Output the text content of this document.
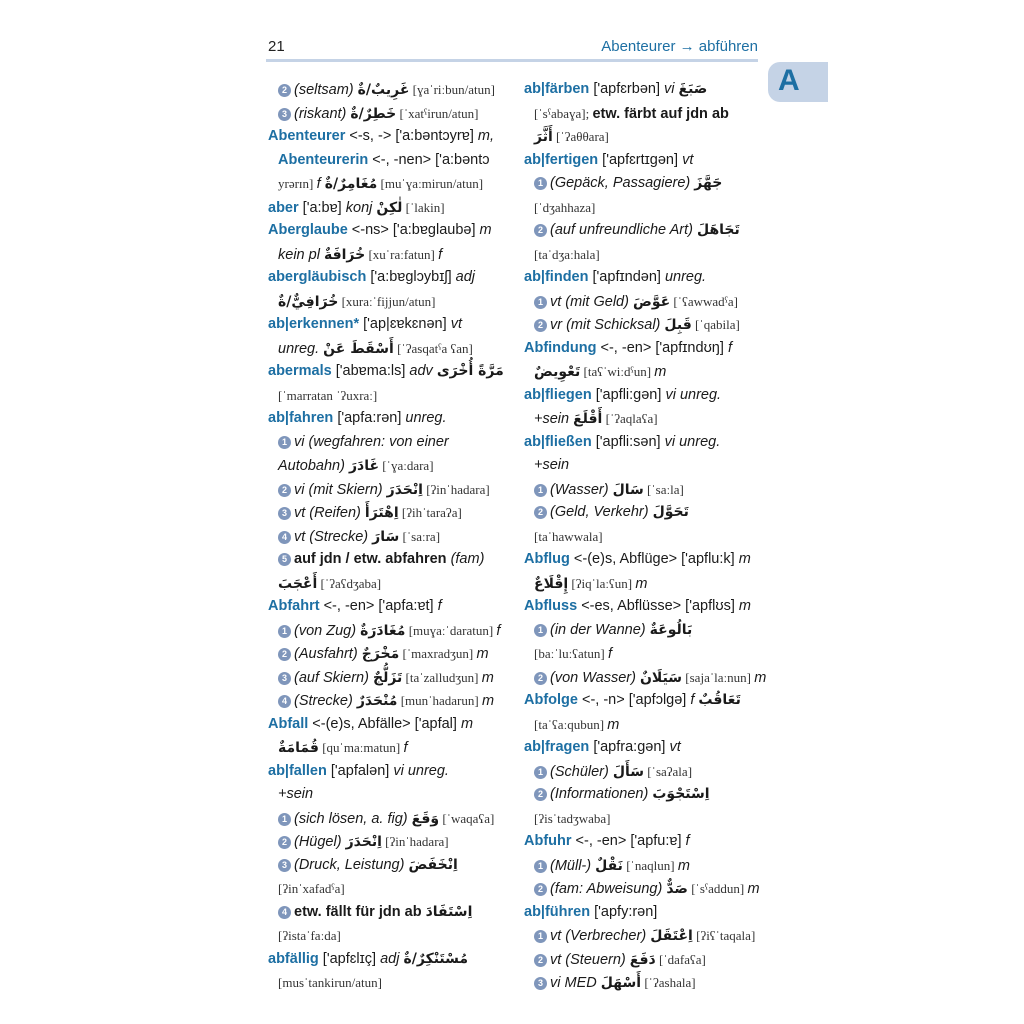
21	Abenteurer → abführen
A
2 (seltsam) غَرِيبٌ/ةٌ [ɣaˈriːbun/atun]
3 (riskant) خَطِرٌ/ةٌ [ˈxatˤirun/atun]
Abenteurer <-s, -> ['a:bəntɔyrɐ] m,
Abenteurerin <-, -nen> ['a:bəntɔ
yrərɪn] f مُغَامِرٌ/ةٌ [muˈɣaːmirun/atun]
aber ['a:bɐ] konj لٰكِنْ [ˈlakin]
Aberglaube <-ns> ['a:bɐglaubə] m
kein pl خُرَافَةٌ [xuˈraːfatun] f
abergläubisch ['a:bɐglɔybɪʃ] adj
خُرَافِيٌّ/ةٌ [xuraːˈfijjun/atun]
ab|erkennen* ['ap|ɛɐkɛnən] vt
unreg. أَسْقَطَ عَنْ [ˈʔasqatˤa ʕan]
abermals ['abɐma:ls] adv مَرَّةً أُخْرَى
[ˈmarratan ˈʔuxraː]
ab|fahren ['apfa:rən] unreg.
1 vi (wegfahren: von einer
Autobahn) غَادَرَ [ˈɣaːdara]
2 vi (mit Skiern) اِنْحَدَرَ [ʔinˈhadara]
3 vt (Reifen) اِهْتَرَأَ [ʔihˈtaraʔa]
4 vt (Strecke) سَارَ [ˈsaːra]
5 auf jdn / etw. abfahren (fam)
أَعْجَبَ [ˈʔaʕdʒaba]
Abfahrt <-, -en> ['apfa:ɐt] f
1 (von Zug) مُغَادَرَةٌ [muɣaːˈdaratun] f
2 (Ausfahrt) مَخْرَجٌ [ˈmaxradʒun] m
3 (auf Skiern) تَزَلُّجٌ [taˈzalludʒun] m
4 (Strecke) مُنْحَدَرٌ [munˈhadarun] m
Abfall <-(e)s, Abfälle> ['apfal] m
قُمَامَةٌ [quˈmaːmatun] f
ab|fallen ['apfalən] vi unreg.
+sein
1 (sich lösen, a. fig) وَقَعَ [ˈwaqaʕa]
2 (Hügel) اِنْحَدَرَ [ʔinˈhadara]
3 (Druck, Leistung) اِنْخَفَضَ
[ʔinˈxafadˤa]
4 etw. fällt für jdn ab اِسْتَفَادَ
[ʔistaˈfaːda]
abfällig ['apfɛlɪç] adj مُسْتَنْكِرٌ/ةٌ
[musˈtankirun/atun]
ab|färben ['apfɛrbən] vi صَبَغَ
[ˈsˤabaɣa]; etw. färbt auf jdn ab
أَثَّرَ [ˈʔaθθara]
ab|fertigen ['apfɛrtɪgən] vt
1 (Gepäck, Passagiere) جَهَّزَ
[ˈdʒahhaza]
2 (auf unfreundliche Art) تَجَاهَلَ
[taˈdʒaːhala]
ab|finden ['apfɪndən] unreg.
1 vt (mit Geld) عَوَّضَ [ˈʕawwadˤa]
2 vr (mit Schicksal) قَبِلَ [ˈqabila]
Abfindung <-, -en> ['apfɪndʊŋ] f
تَعْوِيضٌ [taʕˈwiːdˤun] m
ab|fliegen ['apfli:gən] vi unreg.
+sein أَقْلَعَ [ˈʔaqlaʕa]
ab|fließen ['apfli:sən] vi unreg.
+sein
1 (Wasser) سَالَ [ˈsaːla]
2 (Geld, Verkehr) تَحَوَّلَ
[taˈhawwala]
Abflug <-(e)s, Abflüge> ['apflu:k] m
إِقْلَاعٌ [ʔiqˈlaːʕun] m
Abfluss <-es, Abflüsse> ['apflʊs] m
1 (in der Wanne) بَالُوعَةٌ
[baːˈluːʕatun] f
2 (von Wasser) سَيَلَانٌ [sajaˈlaːnun] m
Abfolge <-, -n> ['apfɔlgə] f تَعَاقُبٌ
[taˈʕaːqubun] m
ab|fragen ['apfra:gən] vt
1 (Schüler) سَأَلَ [ˈsaʔala]
2 (Informationen) اِسْتَجْوَبَ
[ʔisˈtadʒwaba]
Abfuhr <-, -en> ['apfu:ɐ] f
1 (Müll-) نَقْلٌ [ˈnaqlun] m
2 (fam: Abweisung) صَدٌّ [ˈsˤaddun] m
ab|führen ['apfy:rən]
1 vt (Verbrecher) اِعْتَقَلَ [ʔiʕˈtaqala]
2 vt (Steuern) دَفَعَ [ˈdafaʕa]
3 vi MED أَسْهَلَ [ˈʔashala]
